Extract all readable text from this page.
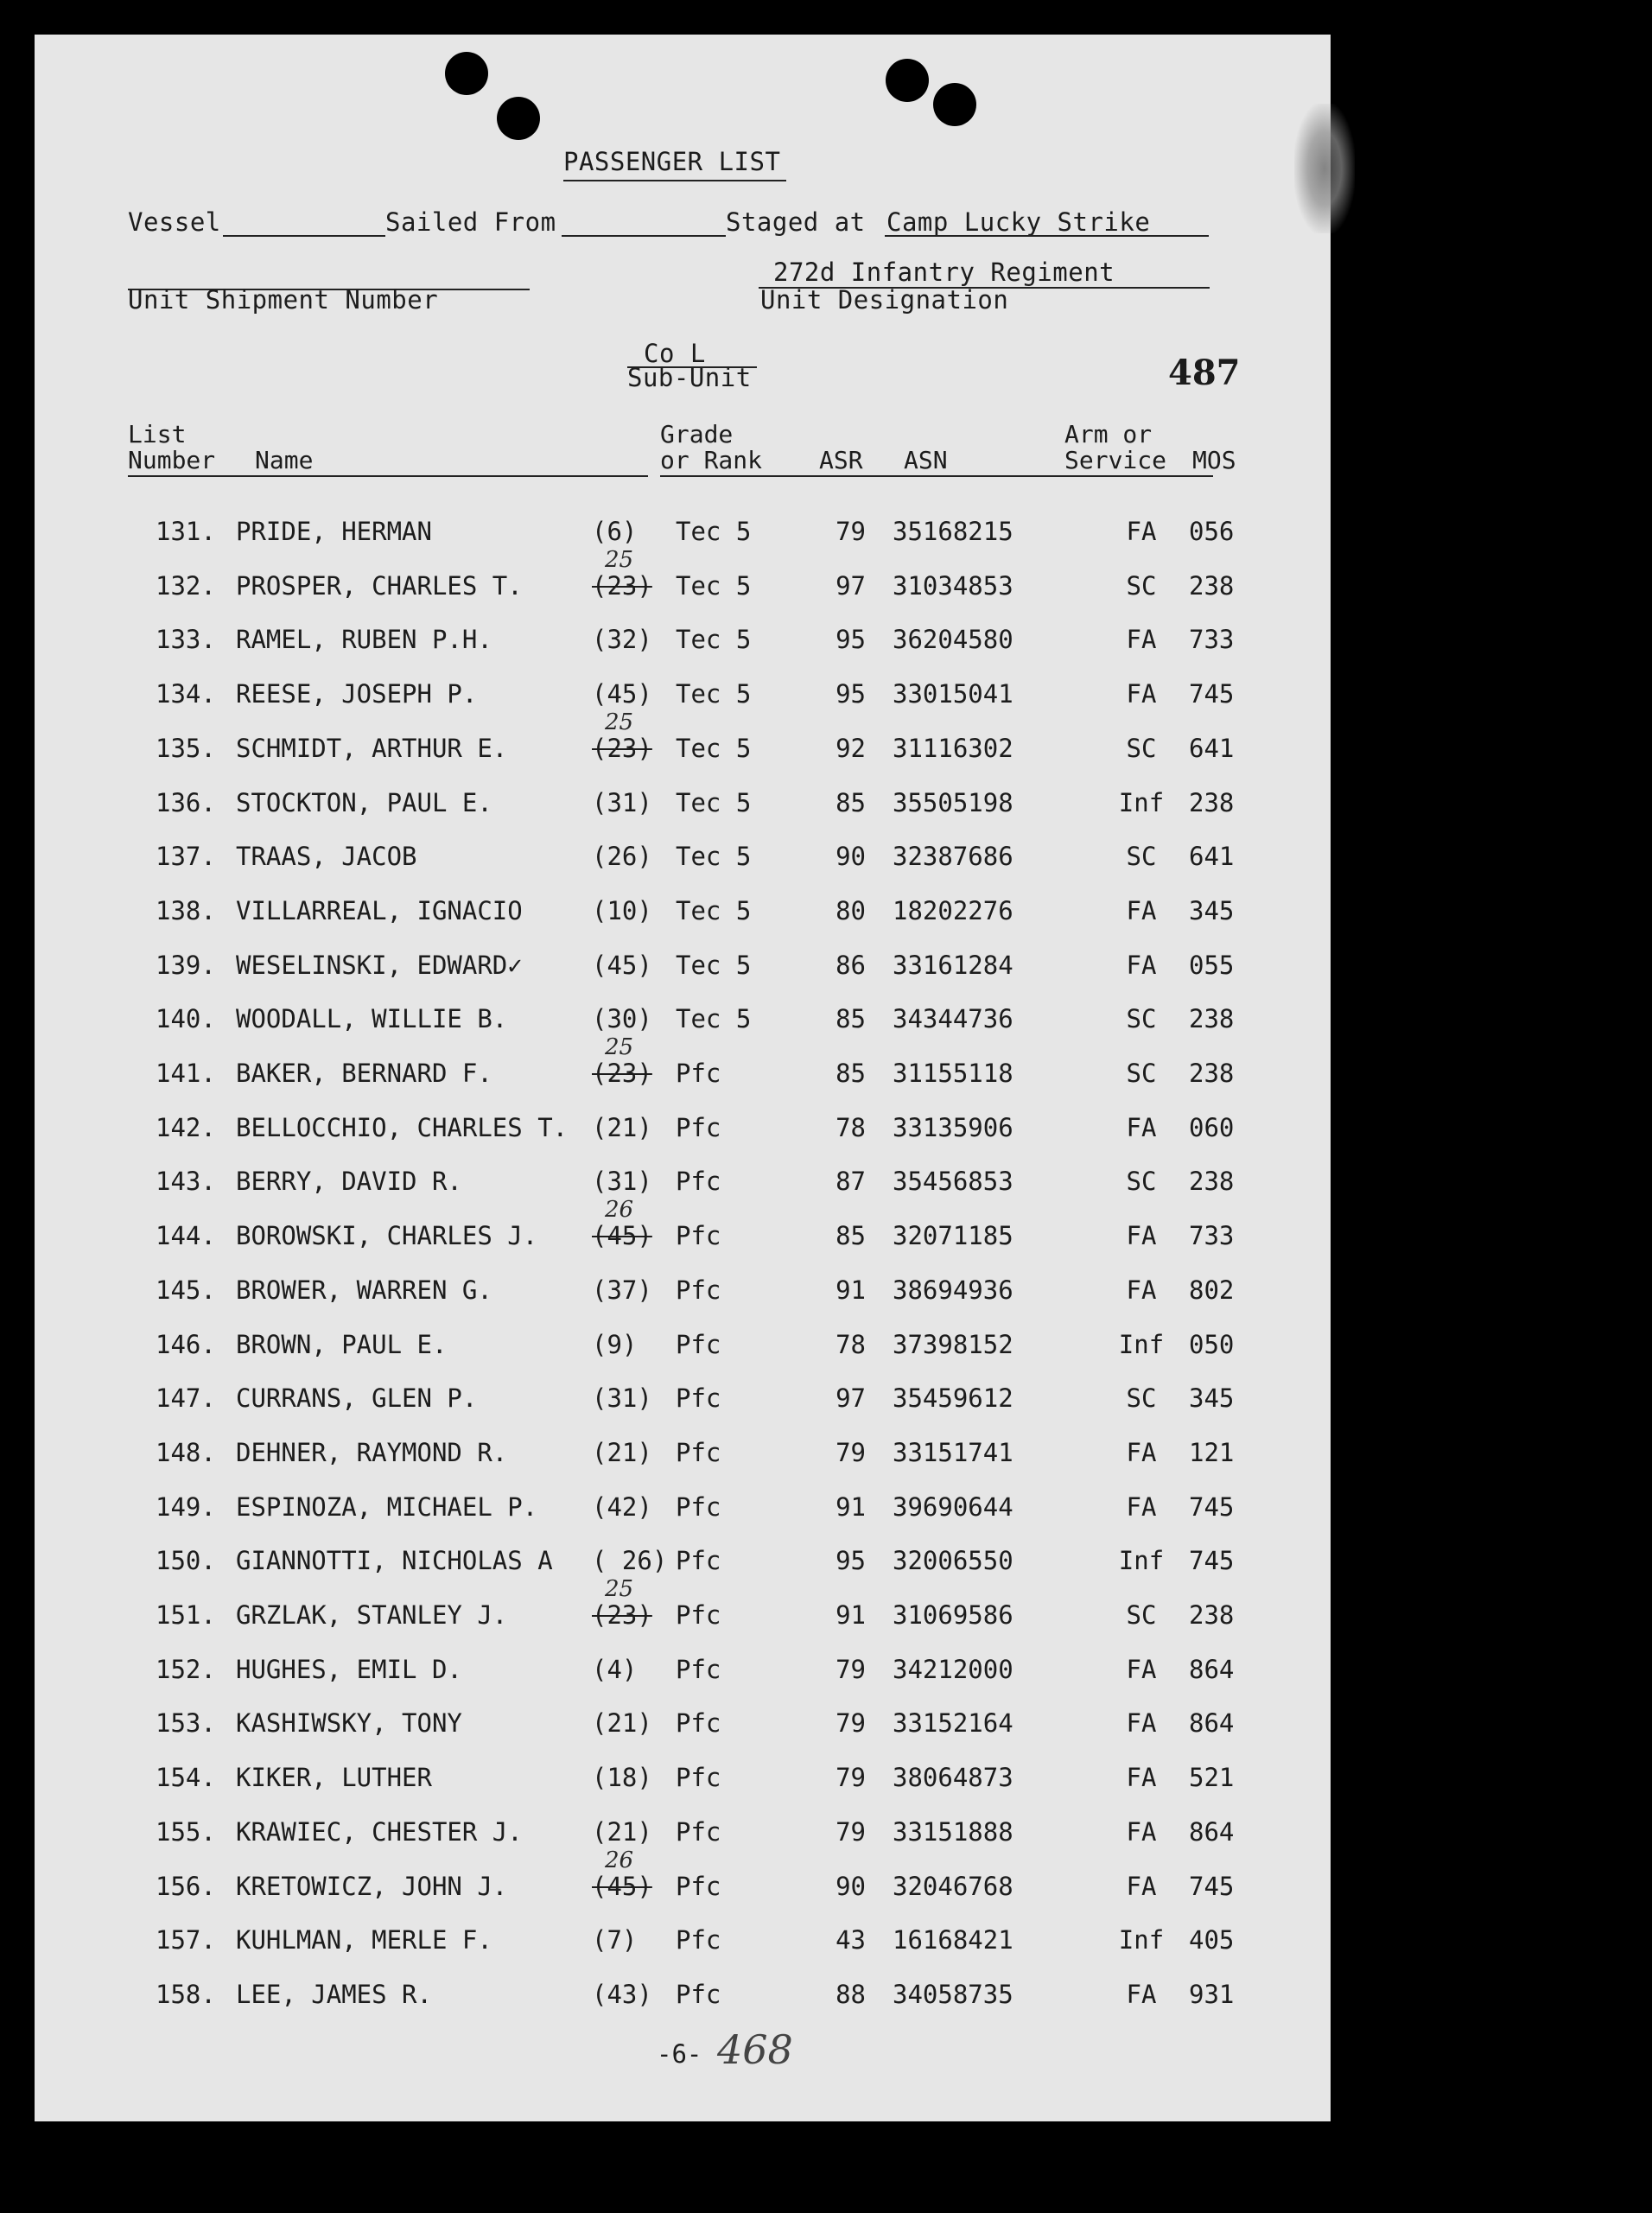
PASSENGER LIST
Vessel	Sailed From	Staged at Camp Lucky Strike
Unit Shipment Number
272d Infantry Regiment
Unit Designation
Co L
Sub-Unit	487
List
Number Name
Grade
or Rank ASR ASN
Arm or
Service MOS
131. PRIDE, HERMAN	(6) Tec 5	79 35168215	FA	056
132. PROSPER, CHARLES T.	(23) Tec 5	97 31034853	SC	238
25
133. RAMEL, RUBEN P.H.	(32) Tec 5	95 36204580	FA	733
134. REESE, JOSEPH P.	(45) Tec 5	95 33015041	FA	745
135. SCHMIDT, ARTHUR E.	(23) Tec 5	92 31116302	SC	641
25
136. STOCKTON, PAUL E.	(31) Tec 5	85 35505198	Inf 238
137. TRAAS, JACOB	(26) Tec 5	90 32387686	SC	641
138. VILLARREAL, IGNACIO	(10) Tec 5	80 18202276	FA	345
139. WESELINSKI, EDWARD✓	(45) Tec 5	86 33161284	FA	055
140. WOODALL, WILLIE B.	(30) Tec 5	85 34344736	SC	238
141. BAKER, BERNARD F.	(23) Pfc	85 31155118	SC	238
25
142. BELLOCCHIO, CHARLES T. (21) Pfc	78 33135906	FA	060
143. BERRY, DAVID R.	(31) Pfc	87 35456853	SC	238
144. BOROWSKI, CHARLES J. (45) Pfc	85 32071185	FA	733
26
145. BROWER, WARREN G.	(37) Pfc	91 38694936	FA	802
146. BROWN, PAUL E.	(9) Pfc	78 37398152	Inf 050
147. CURRANS, GLEN P.	(31) Pfc	97 35459612	SC	345
148. DEHNER, RAYMOND R.	(21) Pfc	79 33151741	FA	121
149. ESPINOZA, MICHAEL P. (42) Pfc	91 39690644	FA	745
150. GIANNOTTI, NICHOLAS A ( 26) Pfc	95 32006550	Inf 745
151. GRZLAK, STANLEY J.	(23) Pfc	91 31069586	SC	238
25
152. HUGHES, EMIL D.	(4) Pfc	79 34212000	FA	864
153. KASHIWSKY, TONY	(21) Pfc	79 33152164	FA	864
154. KIKER, LUTHER	(18) Pfc	79 38064873	FA	521
155. KRAWIEC, CHESTER J.	(21) Pfc	79 33151888	FA	864
156. KRETOWICZ, JOHN J.	(45) Pfc	90 32046768	FA	745
26
157. KUHLMAN, MERLE F.	(7) Pfc	43 16168421	Inf 405
158. LEE, JAMES R.	(43) Pfc	88 34058735	FA	931
-6- 468
